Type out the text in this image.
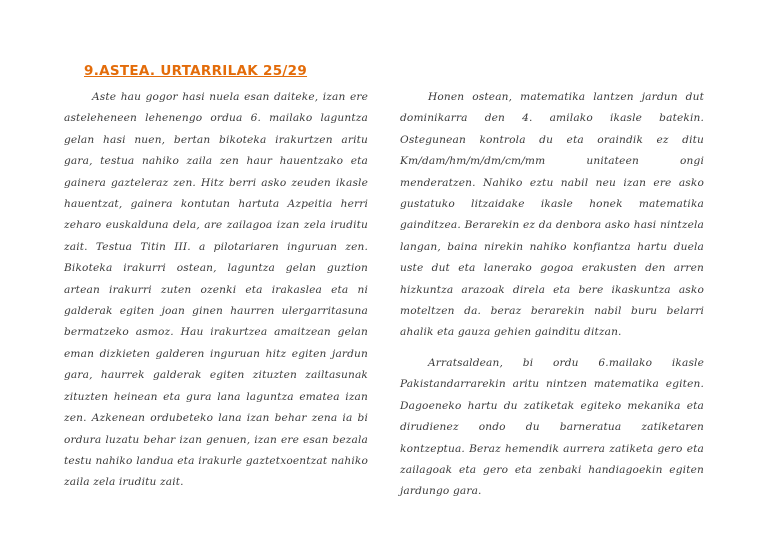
9.ASTEA. URTARRILAK 25/29

Aste hau gogor hasi nuela esan daiteke, izan ere asteleheneen lehenengo ordua 6. mailako laguntza gelan hasi nuen, bertan bikoteka irakurtzen aritu gara, testua nahiko zaila zen haur hauentzako eta gainera gazteleraz zen. Hitz berri asko zeuden ikasle hauentzat, gainera kontutan hartuta Azpeitia herri zeharo euskalduna dela, are zailagoa izan zela iruditu zait. Testua Titin III. a pilotariaren inguruan zen. Bikoteka irakurri ostean, laguntza gelan guztion artean irakurri zuten ozenki eta irakaslea eta ni galderak egiten joan ginen haurren ulergarritasuna bermatzeko asmoz. Hau irakurtzea amaitzean gelan eman dizkieten galderen inguruan hitz egiten jardun gara, haurrek galderak egiten zituzten zailtasunak zituzten heinean eta gura lana laguntza ematea izan zen. Azkenean ordubeteko lana izan behar zena ia bi ordura luzatu behar izan genuen, izan ere esan bezala testu nahiko landua eta irakurle gaztetxoentzat nahiko zaila zela iruditu zait.

Honen ostean, matematika lantzen jardun dut dominikarra den 4. amilako ikasle batekin. Ostegunean kontrola du eta oraindik ez ditu Km/dam/hm/m/dm/cm/mm unitateen ongi menderatzen. Nahiko eztu nabil neu izan ere asko gustatuko litzaidake ikasle honek matematika gainditzea. Berarekin ez da denbora asko hasi nintzela langan, baina nirekin nahiko konfiantza hartu duela uste dut eta lanerako gogoa erakusten den arren hizkuntza arazoak direla eta bere ikaskuntza asko moteltzen da. beraz berarekin nabil buru belarri ahalik eta gauza gehien gainditu ditzan.

Arratsaldean, bi ordu 6.mailako ikasle Pakistandarrarekin aritu nintzen matematika egiten. Dagoeneko hartu du zatiketak egiteko mekanika eta dirudienez ondo du barneratua zatiketaren kontzeptua. Beraz hemendik aurrera zatiketa gero eta zailagoak eta gero eta zenbaki handiagoekin egiten jardungo gara.
